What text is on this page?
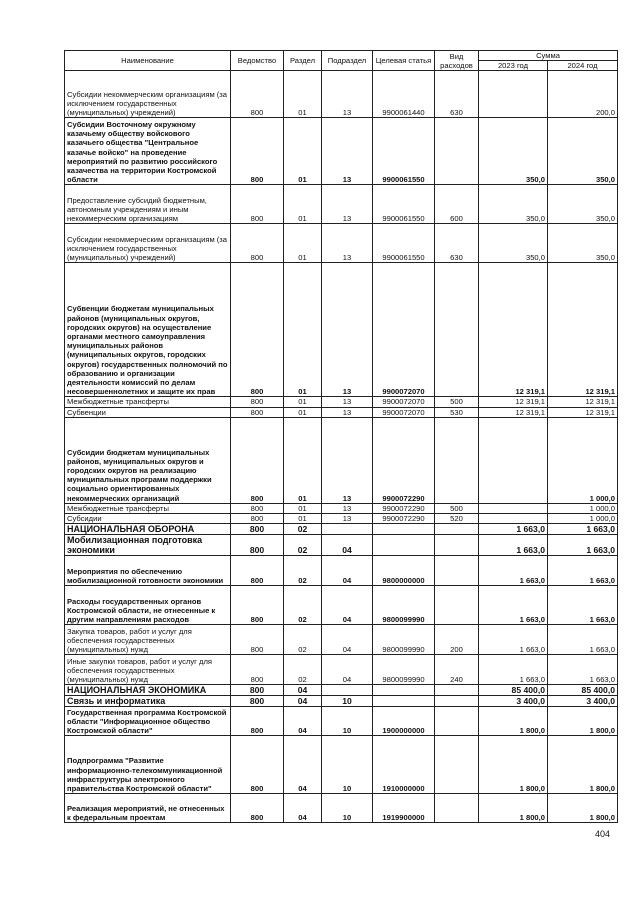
Наименование	Ведомство	Раздел	Подраздел	Целевая статья	Вид расходов	Сумма	
						2023 год	2024 год
Субсидии некоммерческим организациям (за исключением государственных (муниципальных) учреждений)	800	01	13	9900061440	630		200,0
Субсидии Восточному окружному казачьему обществу войскового казачьего общества "Центральное казачье войско" на проведение мероприятий по развитию российского казачества на территории Костромской области	800	01	13	9900061550		350,0	350,0
Предоставление субсидий бюджетным, автономным учреждениям и иным некоммерческим организациям	800	01	13	9900061550	600	350,0	350,0
Субсидии некоммерческим организациям (за исключением государственных (муниципальных) учреждений)	800	01	13	9900061550	630	350,0	350,0
Субвенции бюджетам муниципальных районов (муниципальных округов, городских округов) на осуществление органами местного самоуправления муниципальных районов (муниципальных округов, городских округов) государственных полномочий по образованию и организации деятельности комиссий по делам несовершеннолетних и защите их прав	800	01	13	9900072070		12 319,1	12 319,1
Межбюджетные трансферты	800	01	13	9900072070	500	12 319,1	12 319,1
Субвенции	800	01	13	9900072070	530	12 319,1	12 319,1
Субсидии бюджетам муниципальных районов, муниципальных округов и городских округов на реализацию муниципальных программ поддержки социально ориентированных некоммерческих организаций	800	01	13	9900072290			1 000,0
Межбюджетные трансферты	800	01	13	9900072290	500		1 000,0
Субсидии	800	01	13	9900072290	520		1 000,0
НАЦИОНАЛЬНАЯ ОБОРОНА	800	02				1 663,0	1 663,0
Мобилизационная подготовка экономики	800	02	04			1 663,0	1 663,0
Мероприятия по обеспечению мобилизационной готовности экономики	800	02	04	9800000000		1 663,0	1 663,0
Расходы государственных органов Костромской области, не отнесенные к другим направлениям расходов	800	02	04	9800099990		1 663,0	1 663,0
Закупка товаров, работ и услуг для обеспечения государственных (муниципальных) нужд	800	02	04	9800099990	200	1 663,0	1 663,0
Иные закупки товаров, работ и услуг для обеспечения государственных (муниципальных) нужд	800	02	04	9800099990	240	1 663,0	1 663,0
НАЦИОНАЛЬНАЯ ЭКОНОМИКА	800	04				85 400,0	85 400,0
Связь и информатика	800	04	10			3 400,0	3 400,0
Государственная программа Костромской области "Информационное общество Костромской области"	800	04	10	1900000000		1 800,0	1 800,0
Подпрограмма "Развитие информационно-телекоммуникационной инфраструктуры электронного правительства Костромской области"	800	04	10	1910000000		1 800,0	1 800,0
Реализация мероприятий, не отнесенных к федеральным проектам	800	04	10	1919900000		1 800,0	1 800,0
404
